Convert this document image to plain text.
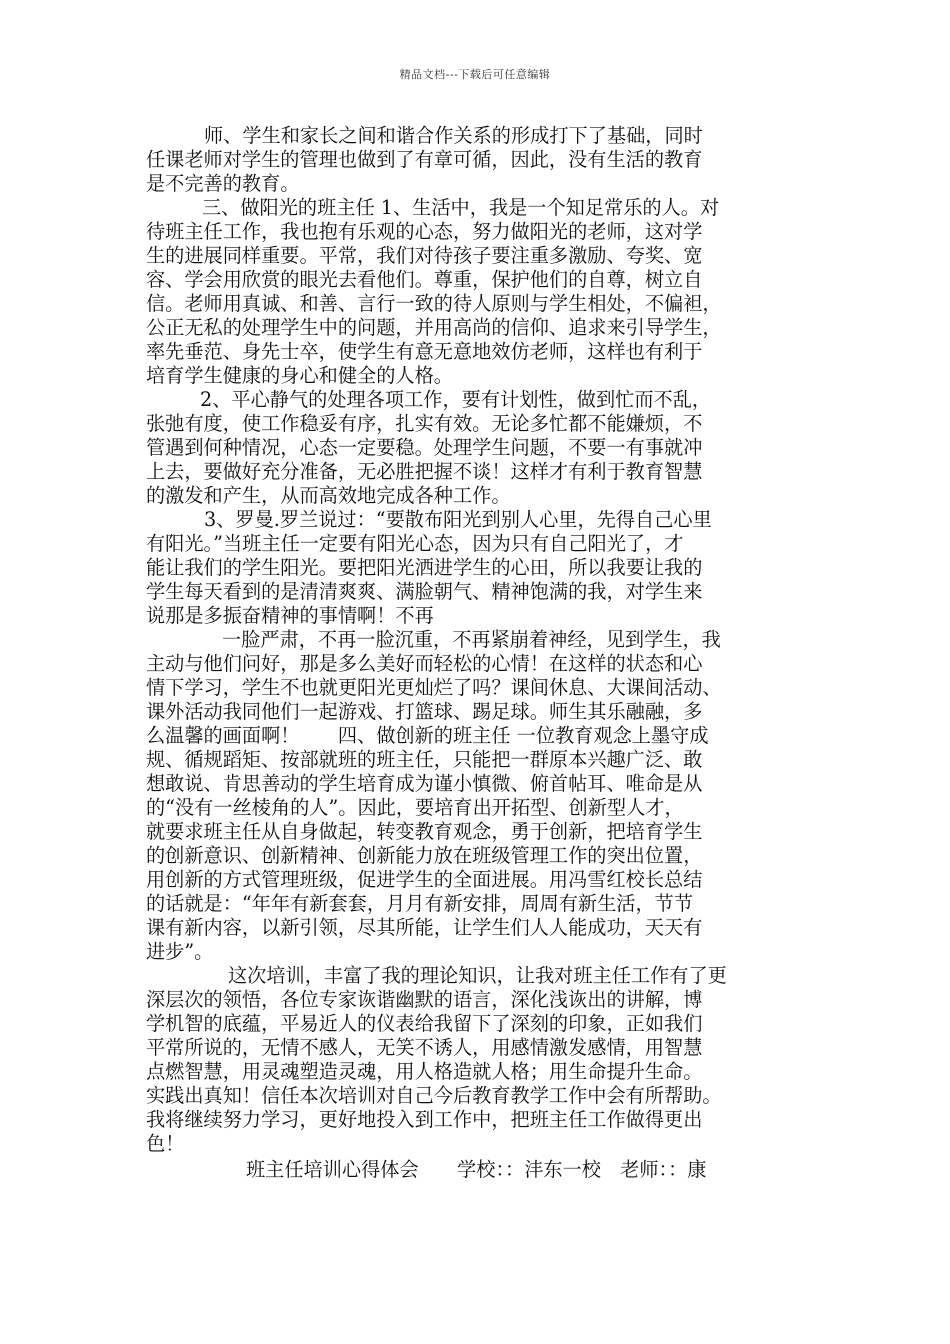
精品文档---下载后可任意编辑
师、学生和家长之间和谐合作关系的形成打下了基础，同时
任课老师对学生的管理也做到了有章可循，因此，没有生活的教育
是不完善的教育。
三、做阳光的班主任 1、生活中，我是一个知足常乐的人。对
待班主任工作，我也抱有乐观的心态，努力做阳光的老师，这对学
生的进展同样重要。平常，我们对待孩子要注重多激励、夸奖、宽
容、学会用欣赏的眼光去看他们。尊重，保护他们的自尊，树立自
信。老师用真诚、和善、言行一致的待人原则与学生相处，不偏袒，
公正无私的处理学生中的问题，并用高尚的信仰、追求来引导学生，
率先垂范、身先士卒，使学生有意无意地效仿老师，这样也有利于
培育学生健康的身心和健全的人格。
2、平心静气的处理各项工作，要有计划性，做到忙而不乱，
张弛有度，使工作稳妥有序，扎实有效。无论多忙都不能嫌烦，不
管遇到何种情况，心态一定要稳。处理学生问题，不要一有事就冲
上去，要做好充分准备，无必胜把握不谈！这样才有利于教育智慧
的激发和产生，从而高效地完成各种工作。
3、罗曼.罗兰说过：“要散布阳光到别人心里，先得自己心里
有阳光。”当班主任一定要有阳光心态，因为只有自己阳光了，才
能让我们的学生阳光。要把阳光洒进学生的心田，所以我要让我的
学生每天看到的是清清爽爽、满脸朝气、精神饱满的我，对学生来
说那是多振奋精神的事情啊！不再
一脸严肃，不再一脸沉重，不再紧崩着神经，见到学生，我
主动与他们问好，那是多么美好而轻松的心情！在这样的状态和心
情下学习，学生不也就更阳光更灿烂了吗？课间休息、大课间活动、
课外活动我同他们一起游戏、打篮球、踢足球。师生其乐融融，多
么温馨的画面啊！　　四、做创新的班主任 一位教育观念上墨守成
规、循规蹈矩、按部就班的班主任，只能把一群原本兴趣广泛、敢
想敢说、肯思善动的学生培育成为谨小慎微、俯首帖耳、唯命是从
的“没有一丝棱角的人”。因此，要培育出开拓型、创新型人才，
就要求班主任从自身做起，转变教育观念，勇于创新，把培育学生
的创新意识、创新精神、创新能力放在班级管理工作的突出位置，
用创新的方式管理班级，促进学生的全面进展。用冯雪红校长总结
的话就是：“年年有新套套，月月有新安排，周周有新生活，节节
课有新内容，以新引领，尽其所能，让学生们人人能成功，天天有
进步”。
这次培训，丰富了我的理论知识，让我对班主任工作有了更
深层次的领悟，各位专家诙谐幽默的语言，深化浅诙出的讲解，博
学机智的底蕴，平易近人的仪表给我留下了深刻的印象，正如我们
平常所说的，无情不感人，无笑不诱人，用感情激发感情，用智慧
点燃智慧，用灵魂塑造灵魂，用人格造就人格；用生命提升生命。
实践出真知！信任本次培训对自己今后教育教学工作中会有所帮助。
我将继续努力学习，更好地投入到工作中，把班主任工作做得更出
色！
班主任培训心得体会　　学校：：沣东一校　老师：：康
